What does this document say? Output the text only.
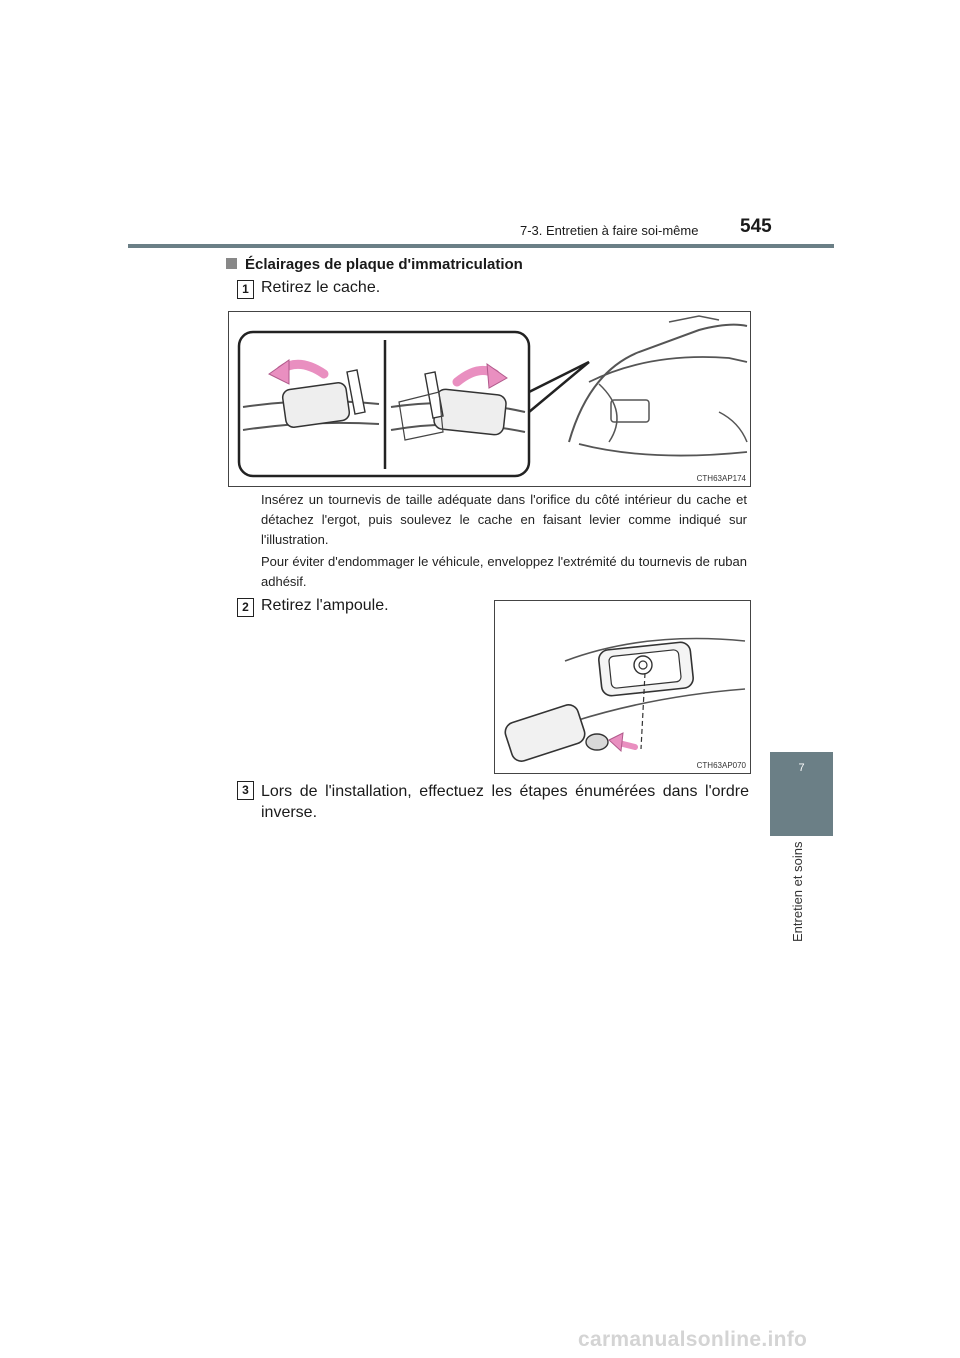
7-3. Entretien à faire soi-même 545
7
Entretien et soins
Éclairages de plaque d'immatriculation
1 Retirez le cache.
CTH63AP174
Insérez un tournevis de taille adéquate dans l'orifice du côté intérieur du cache et détachez l'ergot, puis soulevez le cache en faisant levier comme indiqué sur l'illustration.
Pour éviter d'endommager le véhicule, enveloppez l'extrémité du tournevis de ruban adhésif.
2 Retirez l'ampoule.
CTH63AP070
3 Lors de l'installation, effectuez les étapes énumérées dans l'ordre
inverse.
carmanualsonline.info
